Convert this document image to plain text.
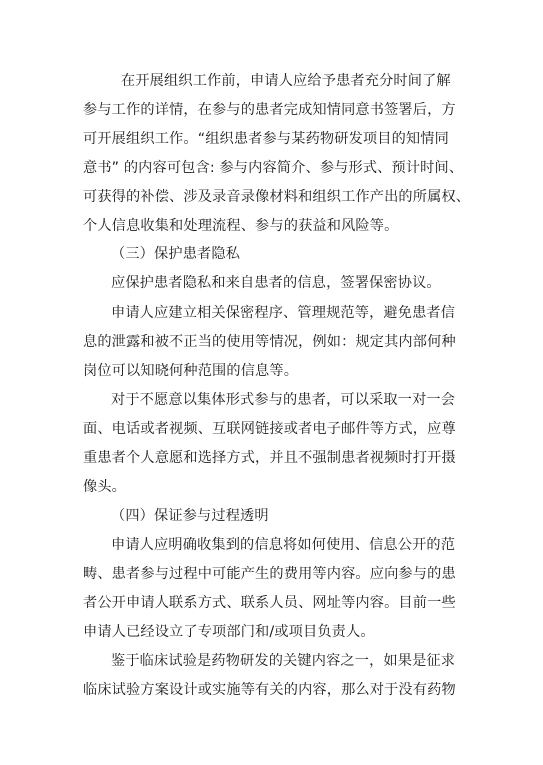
在开展组织工作前，申请人应给予患者充分时间了解
参与工作的详情，在参与的患者完成知情同意书签署后，方
可开展组织工作。“组织患者参与某药物研发项目的知情同
意书” 的内容可包含: 参与内容简介、参与形式、预计时间、
可获得的补偿、涉及录音录像材料和组织工作产出的所属权、
个人信息收集和处理流程、参与的获益和风险等。
（三）保护患者隐私
应保护患者隐私和来自患者的信息，签署保密协议。
申请人应建立相关保密程序、管理规范等，避免患者信
息的泄露和被不正当的使用等情况，例如：规定其内部何种
岗位可以知晓何种范围的信息等。
对于不愿意以集体形式参与的患者，可以采取一对一会
面、电话或者视频、互联网链接或者电子邮件等方式，应尊
重患者个人意愿和选择方式，并且不强制患者视频时打开摄
像头。
（四）保证参与过程透明
申请人应明确收集到的信息将如何使用、信息公开的范
畴、患者参与过程中可能产生的费用等内容。应向参与的患
者公开申请人联系方式、联系人员、网址等内容。目前一些
申请人已经设立了专项部门和/或项目负责人。
鉴于临床试验是药物研发的关键内容之一，如果是征求
临床试验方案设计或实施等有关的内容，那么对于没有药物
